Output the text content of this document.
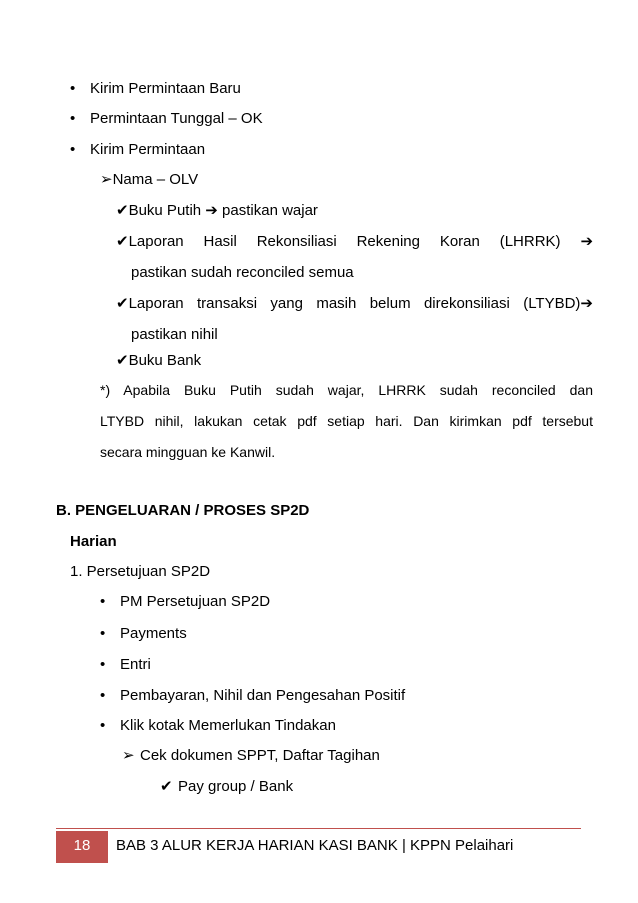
• Kirim Permintaan Baru
• Permintaan Tunggal – OK
• Kirim Permintaan
➢Nama – OLV
✔Buku Putih ➔ pastikan wajar
✔Laporan Hasil Rekonsiliasi Rekening Koran (LHRRK) ➔
pastikan sudah reconciled semua
✔Laporan transaksi yang masih belum direkonsiliasi (LTYBD)➔
pastikan nihil
✔Buku Bank
*) Apabila Buku Putih sudah wajar, LHRRK sudah reconciled dan
LTYBD nihil, lakukan cetak pdf setiap hari. Dan kirimkan pdf tersebut
secara mingguan ke Kanwil.
B. PENGELUARAN / PROSES SP2D
Harian
1. Persetujuan SP2D
• PM Persetujuan SP2D
• Payments
• Entri
• Pembayaran, Nihil dan Pengesahan Positif
• Klik kotak Memerlukan Tindakan
➢ Cek dokumen SPPT, Daftar Tagihan
✔ Pay group / Bank
18	BAB 3 ALUR KERJA HARIAN KASI BANK | KPPN Pelaihari
